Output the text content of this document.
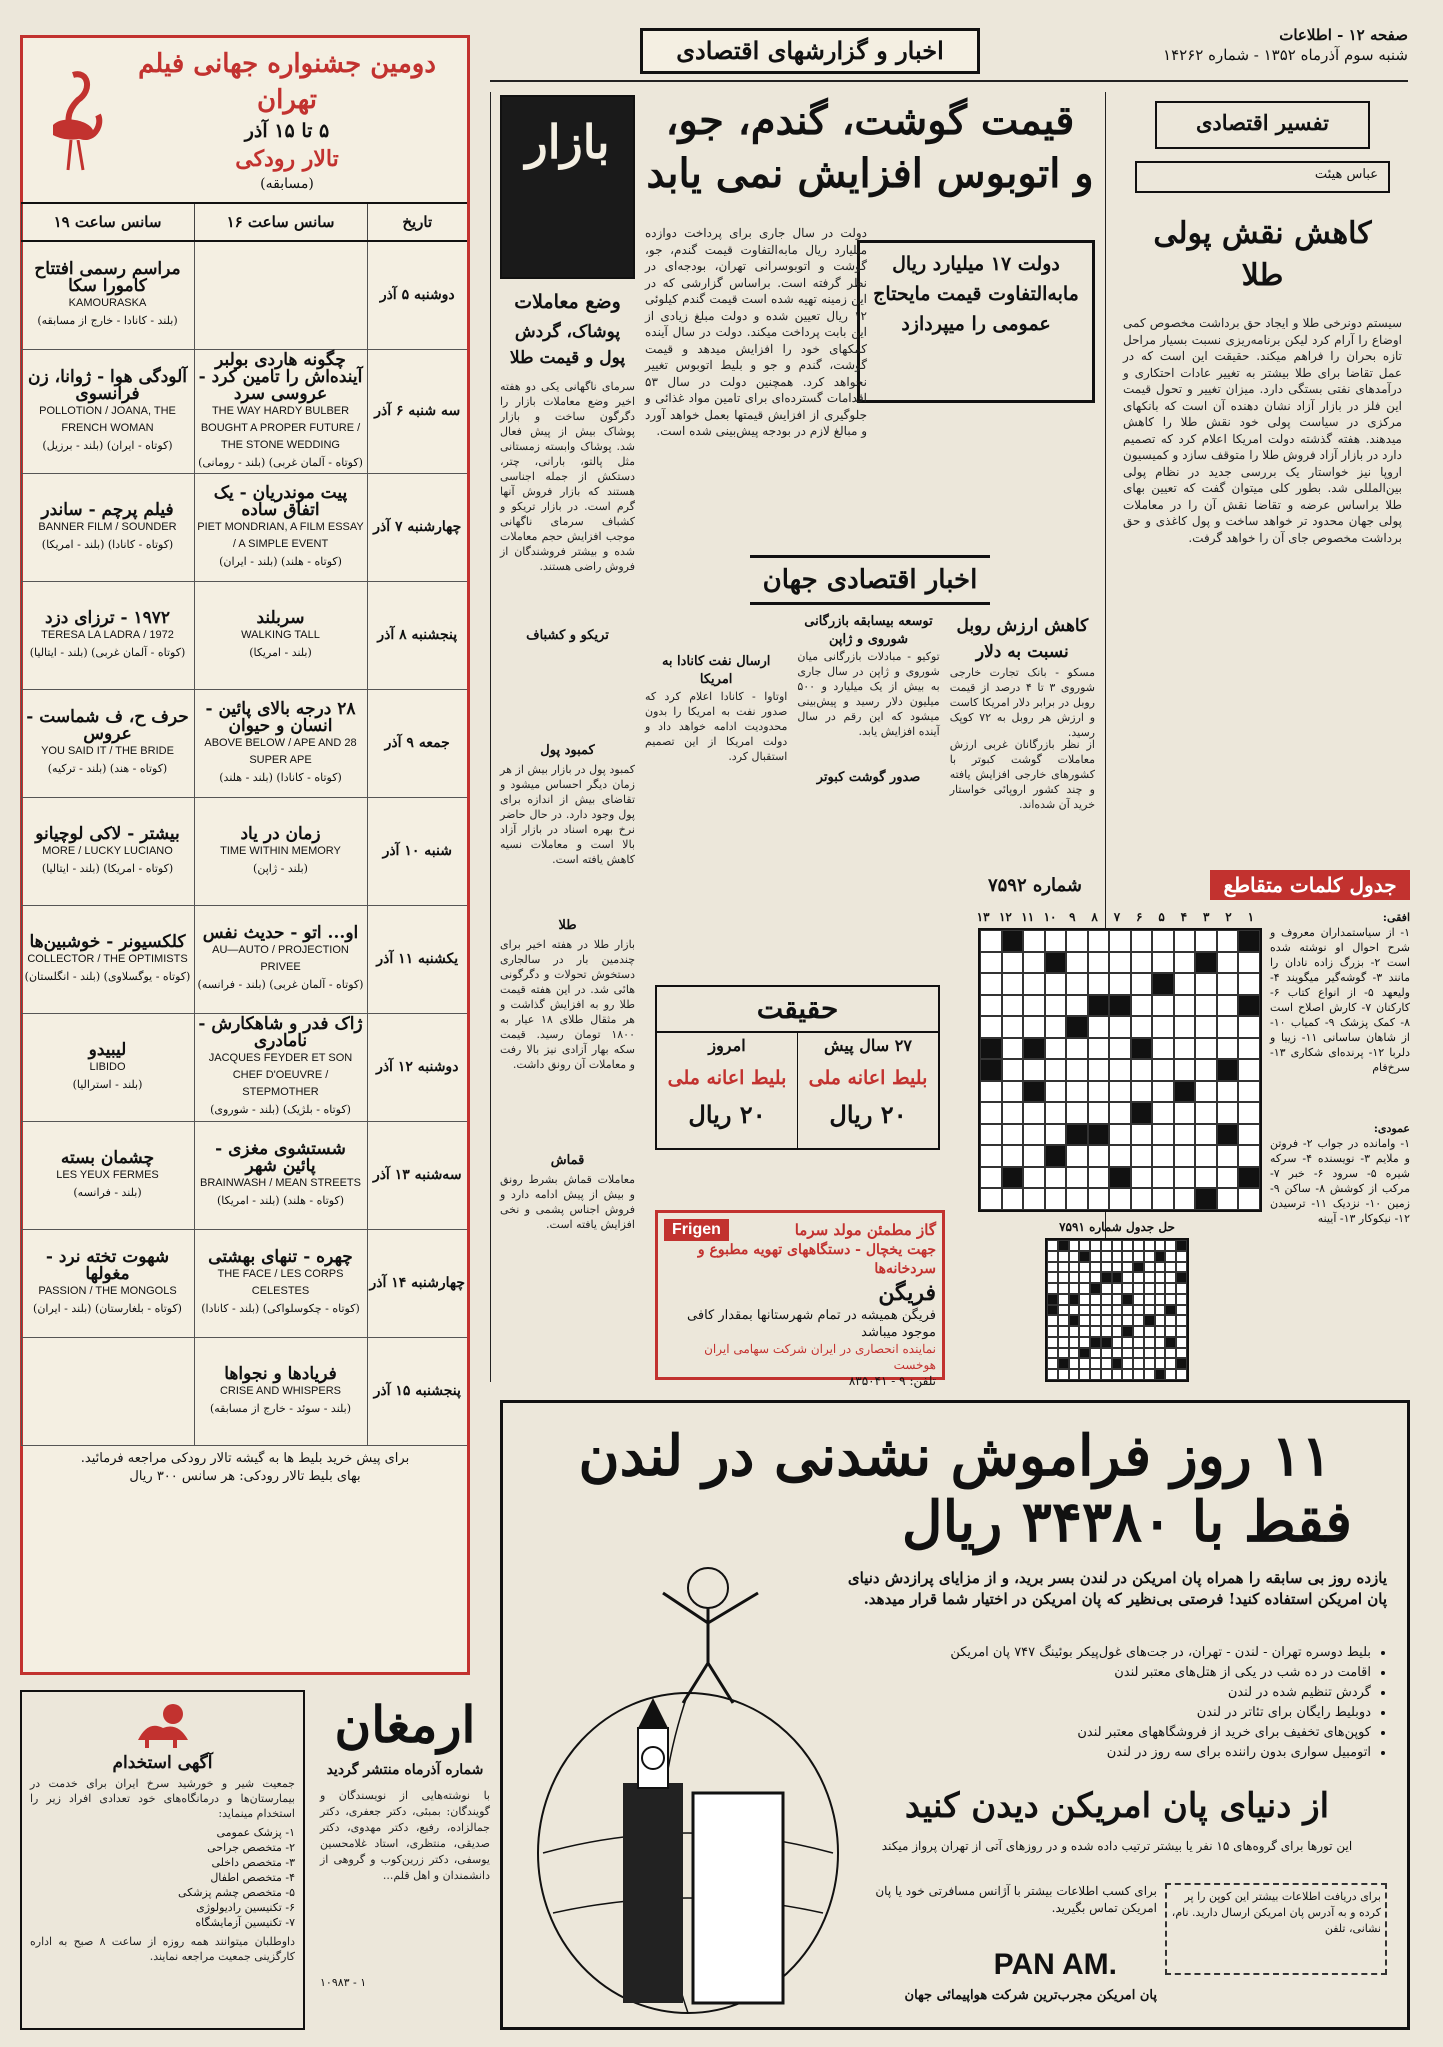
صفحه ۱۲ - اطلاعات
شنبه سوم آذرماه ۱۳۵۲ - شماره ۱۴۲۶۲
اخبار و گزارشهای اقتصادی
تفسیر اقتصادی
عباس هیئت
کاهش نقش پولی طلا
سیستم دونرخی طلا و ایجاد حق برداشت مخصوص کمی اوضاع را آرام کرد لیکن برنامه‌ریزی نسبت بسیار مراحل تازه بحران را فراهم میکند. حقیقت این است که در عمل تقاضا برای طلا بیشتر به تغییر عادات احتکاری و درآمدهای نفتی بستگی دارد. میزان تغییر و تحول قیمت این فلز در بازار آزاد نشان دهنده آن است که بانکهای مرکزی در سیاست پولی خود نقش طلا را کاهش میدهند. هفته گذشته دولت امریکا اعلام کرد که تصمیم دارد در بازار آزاد فروش طلا را متوقف سازد و کمیسیون اروپا نیز خواستار یک بررسی جدید در نظام پولی بین‌المللی شد. بطور کلی میتوان گفت که تعیین بهای طلا براساس عرضه و تقاضا نقش آن را در معاملات پولی جهان محدود تر خواهد ساخت و پول کاغذی و حق برداشت مخصوص جای آن را خواهد گرفت.
قیمت گوشت، گندم، جو،
و اتوبوس افزایش نمی یابد
دولت ۱۷ میلیارد ریال مابه‌التفاوت قیمت مایحتاج عمومی را میپردازد
دولت در سال جاری برای پرداخت دوازده میلیارد ریال مابه‌التفاوت قیمت گندم، جو، گوشت و اتوبوسرانی تهران، بودجه‌ای در نظر گرفته است. براساس گزارشی که در این زمینه تهیه شده است قیمت گندم کیلوئی ۱۲ ریال تعیین شده و دولت مبلغ زیادی از این بابت پرداخت میکند. دولت در سال آینده کمکهای خود را افزایش میدهد و قیمت گوشت، گندم و جو و بلیط اتوبوس تغییر نخواهد کرد. همچنین دولت در سال ۵۳ اقدامات گسترده‌ای برای تامین مواد غذائی و جلوگیری از افزایش قیمتها بعمل خواهد آورد و مبالغ لازم در بودجه پیش‌بینی شده است.
بازار
وضع معاملات
پوشاک، گردش پول و قیمت طلا
سرمای ناگهانی یکی دو هفته اخیر وضع معاملات بازار را دگرگون ساخت و بازار پوشاک بیش از پیش فعال شد. پوشاک وابسته زمستانی مثل پالتو، بارانی، چتر، دستکش از جمله اجناسی هستند که بازار فروش آنها گرم است. در بازار تریکو و کشباف سرمای ناگهانی موجب افزایش حجم معاملات شده و بیشتر فروشندگان از فروش راضی هستند.
تریکو و کشباف
کمبود پول
کمبود پول در بازار بیش از هر زمان دیگر احساس میشود و تقاضای بیش از اندازه برای پول وجود دارد. در حال حاضر نرخ بهره اسناد در بازار آزاد بالا است و معاملات نسیه کاهش یافته است.
طلا
بازار طلا در هفته اخیر برای چندمین بار در سالجاری دستخوش تحولات و دگرگونی هائی شد. در این هفته قیمت طلا رو به افزایش گذاشت و هر مثقال طلای ۱۸ عیار به ۱۸۰۰ تومان رسید. قیمت سکه بهار آزادی نیز بالا رفت و معاملات آن رونق داشت.
قماش
معاملات قماش بشرط رونق و بیش از پیش ادامه دارد و فروش اجناس پشمی و نخی افزایش یافته است.
اخبار اقتصادی جهان
کاهش ارزش روبل نسبت به دلار
مسکو - بانک تجارت خارجی شوروی ۳ تا ۴ درصد از قیمت روبل در برابر دلار امریکا کاست و ارزش هر روبل به ۷۲ کوپک رسید.
از نظر بازرگانان غربی ارزش معاملات گوشت کبوتر با کشورهای خارجی افزایش یافته و چند کشور اروپائی خواستار خرید آن شده‌اند.
توسعه بیسابقه بازرگانی شوروی و ژاپن
توکیو - مبادلات بازرگانی میان شوروی و ژاپن در سال جاری به بیش از یک میلیارد و ۵۰۰ میلیون دلار رسید و پیش‌بینی میشود که این رقم در سال آینده افزایش یابد.
صدور گوشت کبوتر
ارسال نفت کانادا به امریکا
اوتاوا - کانادا اعلام کرد که صدور نفت به امریکا را بدون محدودیت ادامه خواهد داد و دولت امریکا از این تصمیم استقبال کرد.
حقیقت
۲۷ سال پیش
بلیط اعانه ملی
۲۰ ریال
امروز
بلیط اعانه ملی
۲۰ ریال
گاز مطمئن مولد سرما
Frigen
جهت یخچال - دستگاههای تهویه مطبوع و سردخانه‌ها
فریگن
فریگن همیشه در تمام شهرستانها بمقدار کافی موجود میباشد
نماینده انحصاری در ایران شرکت سهامی ایران هوخست
تلفن: ۹ - ۸۳۵۰۴۱
جدول کلمات متقاطع
شماره ۷۵۹۲
افقی:
۱- از سیاستمداران معروف و شرح احوال او نوشته شده است ۲- بزرگ زاده نادان را مانند ۳- گوشه‌گیر میگویند ۴- ولیعهد ۵- از انواع کتاب ۶- کارکنان ۷- کارش اصلاح است ۸- کمک پزشک ۹- کمیاب ۱۰- از شاهان ساسانی ۱۱- زیبا و دلربا ۱۲- پرنده‌ای شکاری ۱۳- سرخ‌فام
عمودی:
۱- وامانده در جواب ۲- فروتن و ملایم ۳- نویسنده ۴- سرکه شیره ۵- سرود ۶- خبر ۷- مرکب از کوشش ۸- ساکن ۹- زمین ۱۰- نزدیک ۱۱- ترسیدن ۱۲- نیکوکار ۱۳- آیینه
۱
۲
۳
۴
۵
۶
۷
۸
۹
۱۰
۱۱
۱۲
۱۳
حل جدول شماره ۷۵۹۱
دومین جشنواره جهانی فیلم تهران
۵ تا ۱۵ آذر
تالار رودکی
(مسابقه)
تاریخ	سانس ساعت ۱۶	سانس ساعت ۱۹
دوشنبه ۵ آذر		مراسم رسمی افتتاح کامورا سکا
KAMOURASKA
(بلند - کانادا - خارج از مسابقه)

سه شنبه ۶ آذر	چگونه هاردی بولبر آینده‌اش را تامین کرد - عروسی سرد
THE WAY HARDY BULBER BOUGHT A PROPER FUTURE / THE STONE WEDDING
(کوتاه - آلمان غربی) (بلند - رومانی)	آلودگی هوا - ژوانا، زن فرانسوی
POLLOTION / JOANA, THE FRENCH WOMAN
(کوتاه - ایران) (بلند - برزیل)

چهارشنبه ۷ آذر	پیت موندریان - یک اتفاق ساده
PIET MONDRIAN, A FILM ESSAY / A SIMPLE EVENT
(کوتاه - هلند) (بلند - ایران)	فیلم پرچم - ساندر
BANNER FILM / SOUNDER
(کوتاه - کانادا) (بلند - امریکا)

پنجشنبه ۸ آذر	سربلند
WALKING TALL
(بلند - امریکا)	۱۹۷۲ - ترزای دزد
1972 / TERESA LA LADRA
(کوتاه - آلمان غربی) (بلند - ایتالیا)

جمعه ۹ آذر	۲۸ درجه بالای پائین - انسان و حیوان
28 ABOVE BELOW / APE AND SUPER APE
(کوتاه - کانادا) (بلند - هلند)	حرف ح، ف شماست - عروس
YOU SAID IT / THE BRIDE
(کوتاه - هند) (بلند - ترکیه)

شنبه ۱۰ آذر	زمان در یاد
TIME WITHIN MEMORY
(بلند - ژاپن)	بیشتر - لاکی لوچیانو
MORE / LUCKY LUCIANO
(کوتاه - امریکا) (بلند - ایتالیا)

یکشنبه ۱۱ آذر	او... اتو - حدیث نفس
AU—AUTO / PROJECTION PRIVEE
(کوتاه - آلمان غربی) (بلند - فرانسه)	کلکسیونر - خوشبین‌ها
COLLECTOR / THE OPTIMISTS
(کوتاه - یوگسلاوی) (بلند - انگلستان)

دوشنبه ۱۲ آذر	ژاک فدر و شاهکارش - نامادری
JACQUES FEYDER ET SON CHEF D'OEUVRE / STEPMOTHER
(کوتاه - بلژیک) (بلند - شوروی)	لیبیدو
LIBIDO
(بلند - استرالیا)

سه‌شنبه ۱۳ آذر	شستشوی مغزی - پائین شهر
BRAINWASH / MEAN STREETS
(کوتاه - هلند) (بلند - امریکا)	چشمان بسته
LES YEUX FERMES
(بلند - فرانسه)

چهارشنبه ۱۴ آذر	چهره - تنهای بهشتی
THE FACE / LES CORPS CELESTES
(کوتاه - چکوسلواکی) (بلند - کانادا)	شهوت تخته نرد - مغولها
PASSION / THE MONGOLS
(کوتاه - بلغارستان) (بلند - ایران)

پنجشنبه ۱۵ آذر	فریادها و نجواها
CRISE AND WHISPERS
(بلند - سوئد - خارج از مسابقه)	

برای پیش خرید بلیط ها به گیشه تالار رودکی مراجعه فرمائید.
بهای بلیط تالار رودکی: هر سانس ۳۰۰ ریال	۱۱ روز فراموش نشدنی در لندن
فقط با ۳۴۳۸۰ ریال
یازده روز بی سابقه را همراه پان امریکن در لندن بسر برید، و از مزایای پرازدش دنیای پان امریکن استفاده کنید! فرصتی بی‌نظیر که پان امریکن در اختیار شما قرار میدهد.
• بلیط دوسره تهران - لندن - تهران، در جت‌های غول‌پیکر بوئینگ ۷۴۷ پان امریکن
• اقامت در ده شب در یکی از هتل‌های معتبر لندن
• گردش تنظیم شده در لندن
• دوبلیط رایگان برای تئاتر در لندن
• کوپن‌های تخفیف برای خرید از فروشگاههای معتبر لندن
• اتومبیل سواری بدون راننده برای سه روز در لندن
از دنیای پان امریکن دیدن کنید
این تورها برای گروه‌های ۱۵ نفر یا بیشتر ترتیب داده شده و در روزهای آتی از تهران پرواز میکند
برای دریافت اطلاعات بیشتر این کوپن را پر کرده و به آدرس پان امریکن ارسال دارید. نام، نشانی، تلفن
برای کسب اطلاعات بیشتر با آژانس مسافرتی خود یا پان امریکن تماس بگیرید.
PAN AM.
پان امریکن مجرب‌ترین شرکت هواپیمائی جهان
ارمغان
شماره آذرماه منتشر گردید
با نوشته‌هایی از نویسندگان و گویندگان: بمبئی، دکتر جعفری، دکتر جمالزاده، رفیع، دکتر مهدوی، دکتر صدیقی، منتظری، استاد غلامحسین یوسفی، دکتر زرین‌کوب و گروهی از دانشمندان و اهل قلم...
۱ - ۱۰۹۸۳
آگهی استخدام
جمعیت شیر و خورشید سرخ ایران برای خدمت در بیمارستان‌ها و درمانگاه‌های خود تعدادی افراد زیر را استخدام مینماید:
۱- پزشک عمومی
۲- متخصص جراحی
۳- متخصص داخلی
۴- متخصص اطفال
۵- متخصص چشم پزشکی
۶- تکنیسین رادیولوژی
۷- تکنیسین آزمایشگاه
داوطلبان میتوانند همه روزه از ساعت ۸ صبح به اداره کارگزینی جمعیت مراجعه نمایند.
